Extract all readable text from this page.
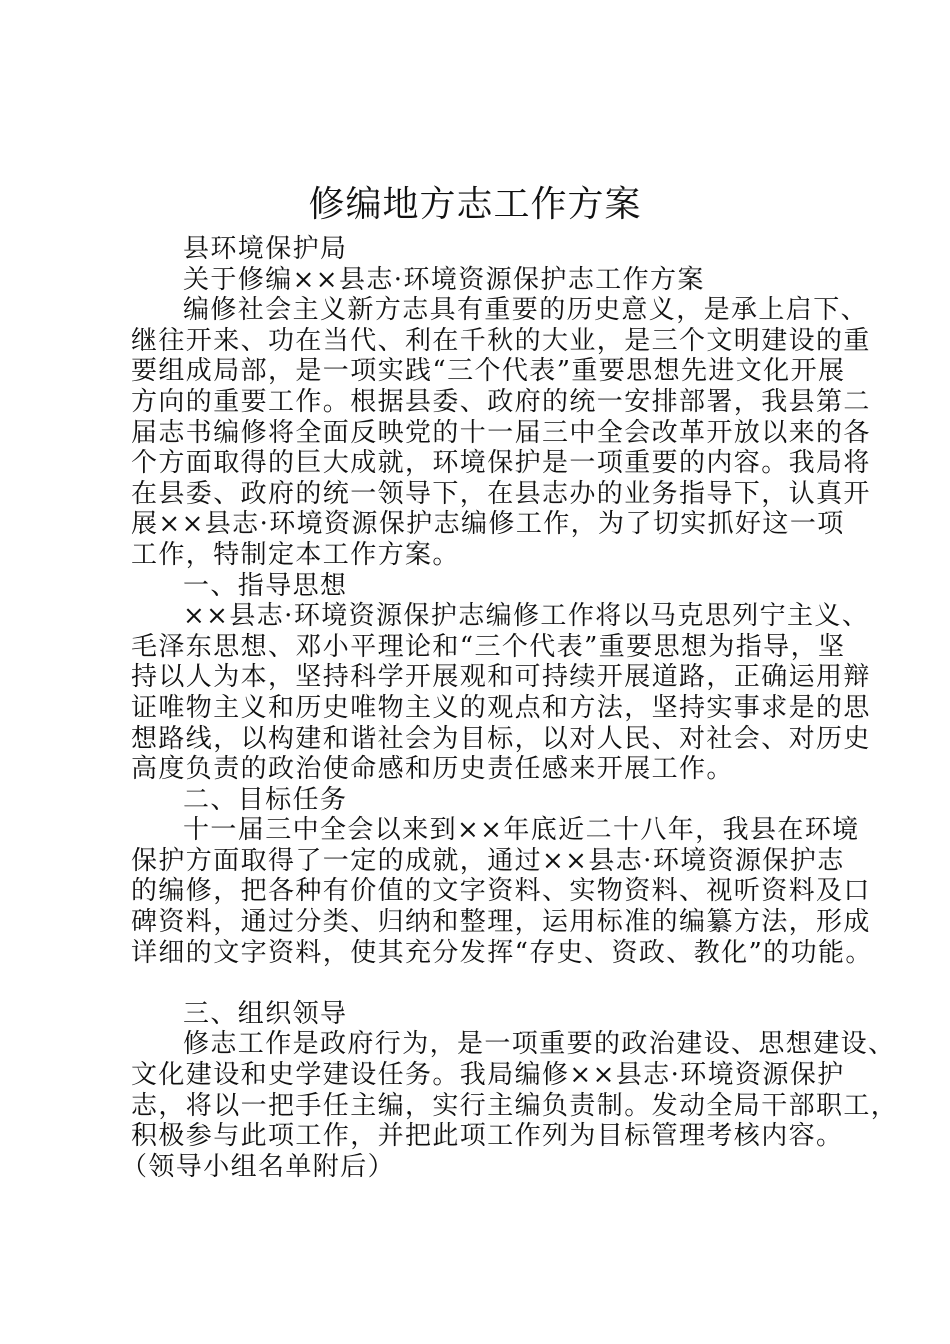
修编地方志工作方案
县环境保护局
关于修编××县志·环境资源保护志工作方案
编修社会主义新方志具有重要的历史意义，是承上启下、
继往开来、功在当代、利在千秋的大业，是三个文明建设的重
要组成局部，是一项实践“三个代表”重要思想先进文化开展
方向的重要工作。根据县委、政府的统一安排部署，我县第二
届志书编修将全面反映党的十一届三中全会改革开放以来的各
个方面取得的巨大成就，环境保护是一项重要的内容。我局将
在县委、政府的统一领导下，在县志办的业务指导下，认真开
展××县志·环境资源保护志编修工作，为了切实抓好这一项
工作，特制定本工作方案。
一、指导思想
××县志·环境资源保护志编修工作将以马克思列宁主义、
毛泽东思想、邓小平理论和“三个代表”重要思想为指导，坚
持以人为本，坚持科学开展观和可持续开展道路，正确运用辩
证唯物主义和历史唯物主义的观点和方法，坚持实事求是的思
想路线，以构建和谐社会为目标，以对人民、对社会、对历史
高度负责的政治使命感和历史责任感来开展工作。
二、目标任务
十一届三中全会以来到××年底近二十八年，我县在环境
保护方面取得了一定的成就，通过××县志·环境资源保护志
的编修，把各种有价值的文字资料、实物资料、视听资料及口
碑资料，通过分类、归纳和整理，运用标准的编纂方法，形成
详细的文字资料，使其充分发挥“存史、资政、教化”的功能。
三、组织领导
修志工作是政府行为，是一项重要的政治建设、思想建设、
文化建设和史学建设任务。我局编修××县志·环境资源保护
志，将以一把手任主编，实行主编负责制。发动全局干部职工，
积极参与此项工作，并把此项工作列为目标管理考核内容。
（领导小组名单附后）
